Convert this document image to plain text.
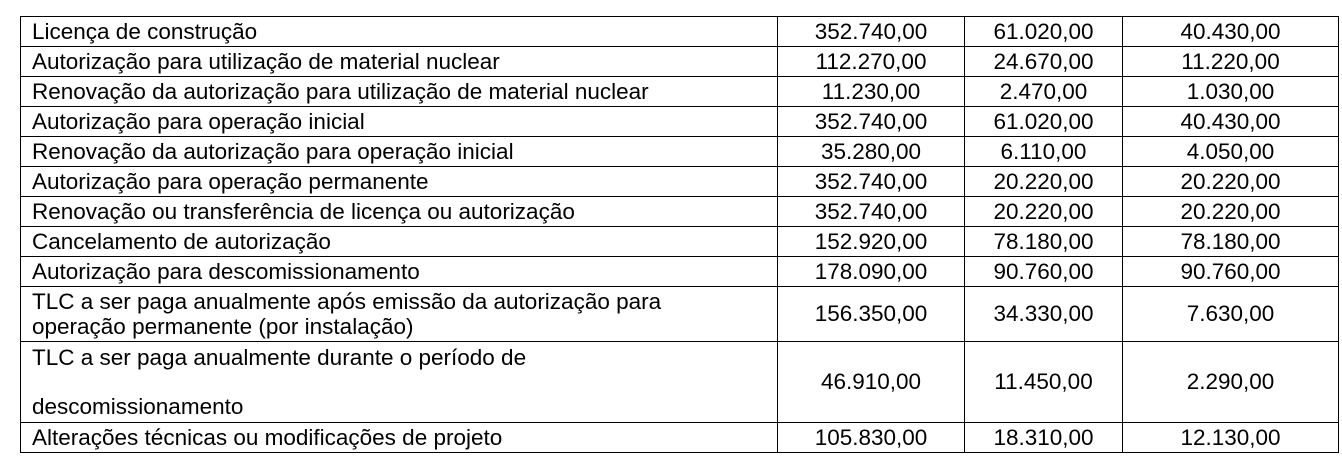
Licença de construção	352.740,00	61.020,00	40.430,00
Autorização para utilização de material nuclear	112.270,00	24.670,00	11.220,00
Renovação da autorização para utilização de material nuclear	11.230,00	2.470,00	1.030,00
Autorização para operação inicial	352.740,00	61.020,00	40.430,00
Renovação da autorização para operação inicial	35.280,00	6.110,00	4.050,00
Autorização para operação permanente	352.740,00	20.220,00	20.220,00
Renovação ou transferência de licença ou autorização	352.740,00	20.220,00	20.220,00
Cancelamento de autorização	152.920,00	78.180,00	78.180,00
Autorização para descomissionamento	178.090,00	90.760,00	90.760,00

TLC a ser paga anualmente após emissão da autorização para
operação permanente (por instalação)	156.350,00	34.330,00	7.630,00

TLC a ser paga anualmente durante o período de
descomissionamento	46.910,00	11.450,00	2.290,00
Alterações técnicas ou modificações de projeto	105.830,00	18.310,00	12.130,00
